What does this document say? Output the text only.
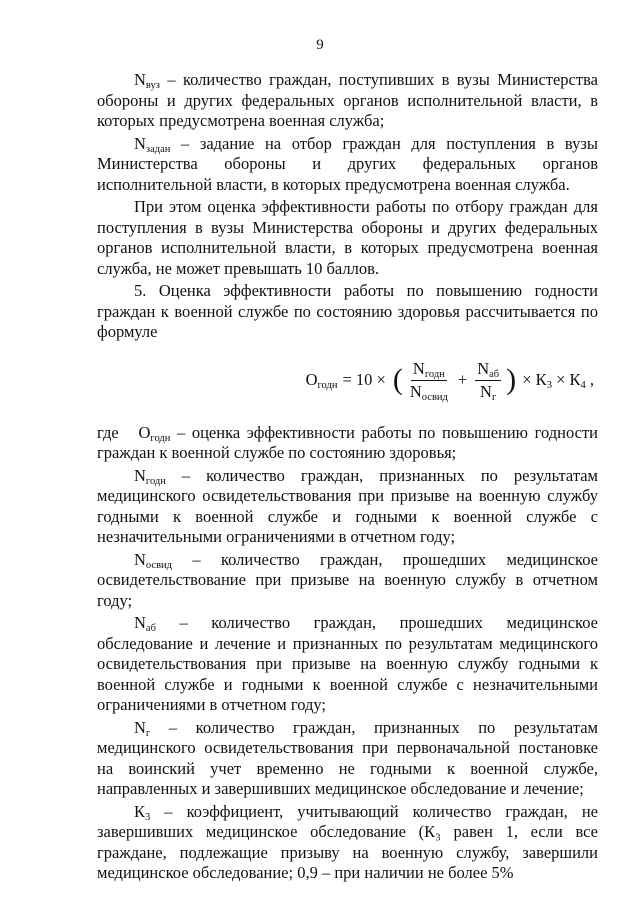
9

$N_{вуз}$ – количество граждан, поступивших в вузы Министерства обороны и других федеральных органов исполнительной власти, в которых предусмотрена военная служба;

$N_{задан}$ – задание на отбор граждан для поступления в вузы Министерства обороны и других федеральных органов исполнительной власти, в которых предусмотрена военная служба.

При этом оценка эффективности работы по отбору граждан для поступления в вузы Министерства обороны и других федеральных органов исполнительной власти, в которых предусмотрена военная служба, не может превышать 10 баллов.

5. Оценка эффективности работы по повышению годности граждан к военной службе по состоянию здоровья рассчитывается по формуле

$О_{годн} = 10$ × ( $\frac{N_{годн}}{N_{освид}} + \frac{N_{аб}}{N_г}$ ) × $К_3 \times К_4$ ,

где   $О_{годн}$ – оценка эффективности работы по повышению годности граждан к военной службе по состоянию здоровья;

$N_{годн}$ – количество граждан, признанных по результатам медицинского освидетельствования при призыве на военную службу годными к военной службе и годными к военной службе с незначительными ограничениями в отчетном году;

$N_{освид}$ – количество граждан, прошедших медицинское освидетельствование при призыве на военную службу в отчетном году;

$N_{аб}$ – количество граждан, прошедших медицинское обследование и лечение и признанных по результатам медицинского освидетельствования при призыве на военную службу годными к военной службе и годными к военной службе с незначительными ограничениями в отчетном году;

$N_г$ – количество граждан, признанных по результатам медицинского освидетельствования при первоначальной постановке на воинский учет временно не годными к военной службе, направленных и завершивших медицинское обследование и лечение;

$К_3$ – коэффициент, учитывающий количество граждан, не завершивших медицинское обследование (К₃ равен 1, если все граждане, подлежащие призыву на военную службу, завершили медицинское обследование; 0,9 – при наличии не более 5%
